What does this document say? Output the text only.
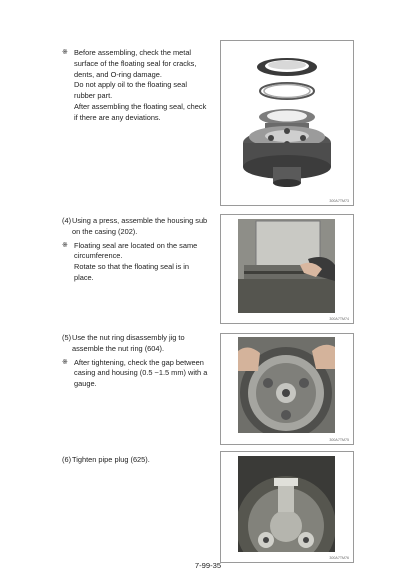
※ Before assembling, check the metal surface of the floating seal for cracks, dents, and O-ring damage.

Do not apply oil to the floating seal rubber part.

After assembling the floating seal, check if there are any deviations.

300A7TM73
(4) Using a press, assemble the housing sub on the casing (202).

※ Floating seal are located on the same circumference.

Rotate so that the floating seal is in place.

300A7TM74
(5) Use the nut ring disassembly jig to assemble the nut ring (604).

※ After tightening, check the gap between casing and housing (0.5 ~1.5 mm) with a gauge.

300A7TM75
(6) Tighten pipe plug (625).

300A7TM76
7-99-35
